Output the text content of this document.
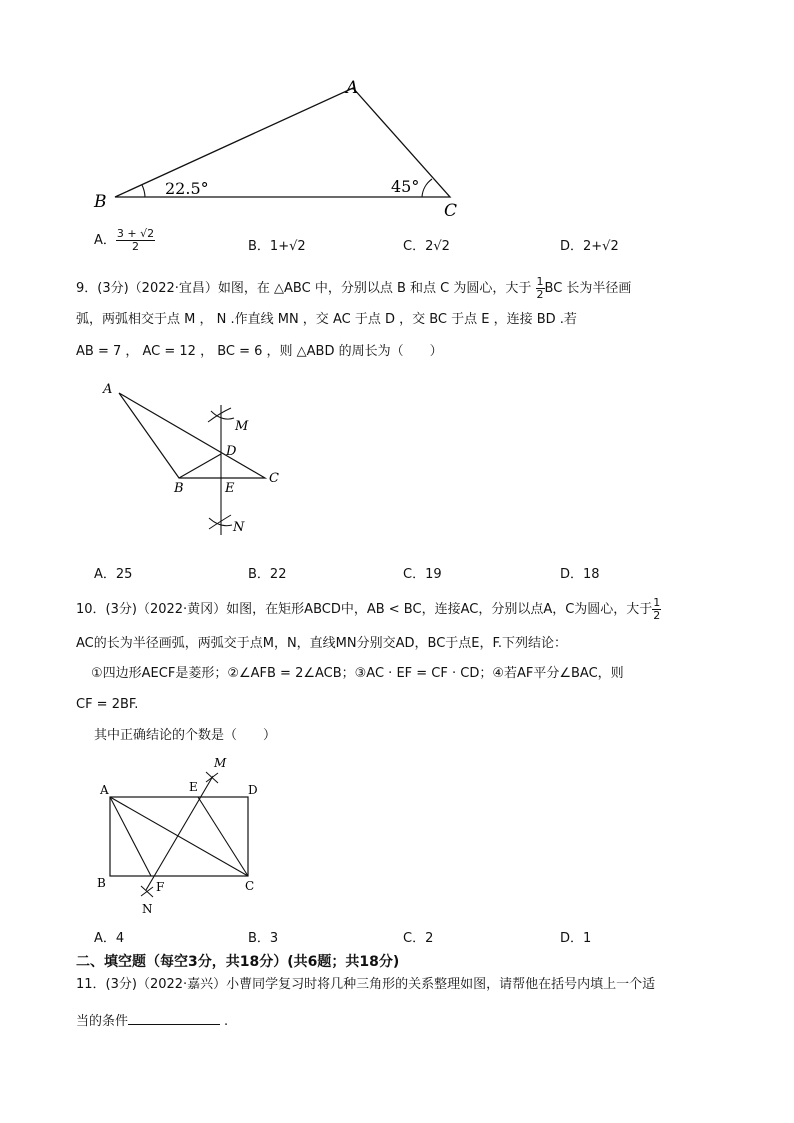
A
B	C
22.5°	45°
A． $\frac{3 + √2}{2}$	B．1+√2	C．2√2	D．2+√2
9．(3分)（2022·宜昌）如图，在 △ABC 中，分别以点 B 和点 C 为圆心，大于 $\frac{1}{2}$ BC 长为半径画
弧，两弧相交于点 M ， N .作直线 MN ，交 AC 于点 D ，交 BC 于点 E ，连接 BD .若
AB = 7 ， AC = 12 ， BC = 6 ，则 △ABD 的周长为（　　）
A
B
C
D
E
M
N
A．25	B．22	C．19	D．18
10．(3分)（2022·黄冈）如图，在矩形ABCD中，AB < BC，连接AC，分别以点A，C为圆心，大于 $\frac{1}{2}$
AC的长为半径画弧，两弧交于点M，N，直线MN分别交AD，BC于点E，F.下列结论：
①四边形AECF是菱形；②∠AFB = 2∠ACB；③AC · EF = CF · CD；④若AF平分∠BAC，则
CF = 2BF.
其中正确结论的个数是（　　）
A
B	C
D
E
F
M
N
A．4	B．3	C．2	D．1
二、填空题（每空3分，共18分）(共6题；共18分)
11．(3分)（2022·嘉兴）小曹同学复习时将几种三角形的关系整理如图，请帮他在括号内填上一个适
当的条件	.
